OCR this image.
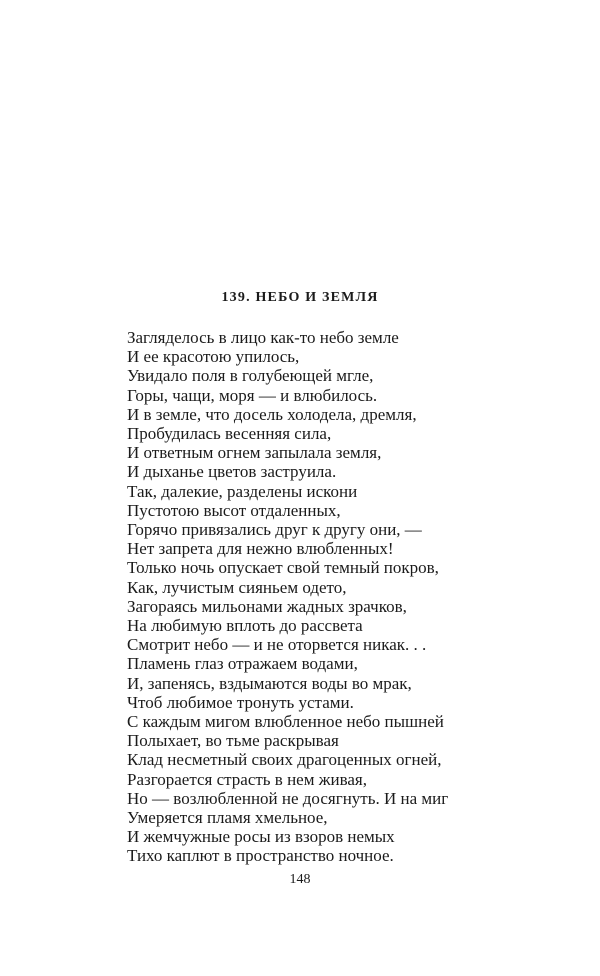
139. НЕБО И ЗЕМЛЯ
Загляделось в лицо как-то небо земле
И ее красотою упилось,
Увидало поля в голубеющей мгле,
Горы, чащи, моря — и влюбилось.
И в земле, что досель холодела, дремля,
Пробудилась весенняя сила,
И ответным огнем запылала земля,
И дыханье цветов заструила.
Так, далекие, разделены искони
Пустотою высот отдаленных,
Горячо привязались друг к другу они, —
Нет запрета для нежно влюбленных!
Только ночь опускает свой темный покров,
Как, лучистым сияньем одето,
Загораясь мильонами жадных зрачков,
На любимую вплоть до рассвета
Смотрит небо — и не оторвется никак. . .
Пламень глаз отражаем водами,
И, запенясь, вздымаются воды во мрак,
Чтоб любимое тронуть устами.
С каждым мигом влюбленное небо пышней
Полыхает, во тьме раскрывая
Клад несметный своих драгоценных огней,
Разгорается страсть в нем живая,
Но — возлюбленной не досягнуть. И на миг
Умеряется пламя хмельное,
И жемчужные росы из взоров немых
Тихо каплют в пространство ночное.
148
